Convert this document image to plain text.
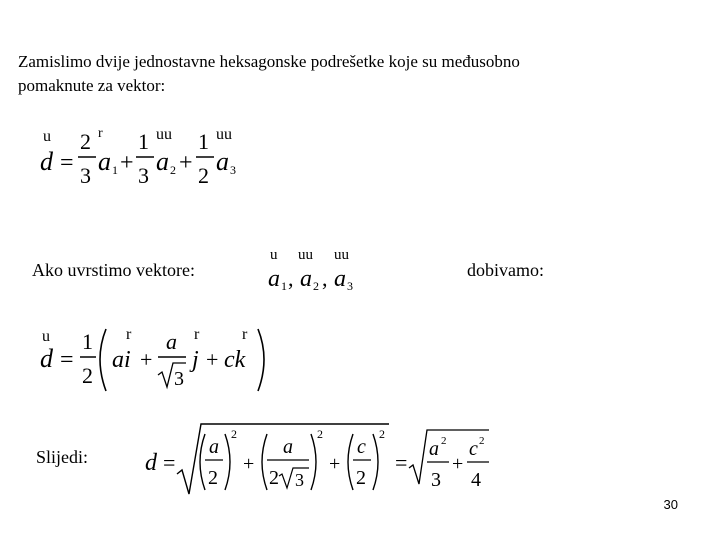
Zamislimo dvije jednostavne heksagonske podrešetke koje su međusobno
pomaknute za vektor:
d
u
=
2
3
r
a 1 +
1
3
uu
a 2 +
1
2
uu
a 3
Ako uvrstimo vektore:
u uu uu
a 1 , a 2 , a 3
dobivamo:
u
d =
1
2
r
ai +
a
3
r
j +
r
ck
Slijedi: d =
a
2
2
+
a
2 3
2
+
c
2
2
=
a 2
3
+
c 2
4
30
